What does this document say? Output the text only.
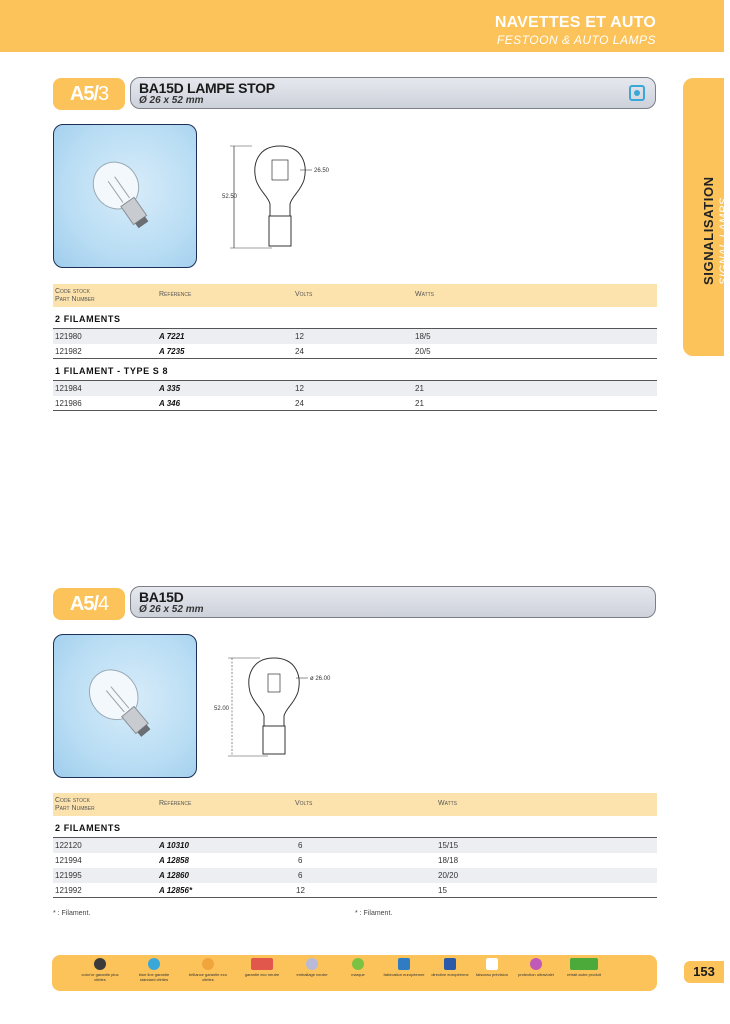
NAVETTES ET AUTO
FESTOON & AUTO LAMPS
SIGNALISATION SIGNAL LAMPS
A5/3	BA15D LAMPE STOP
Ø 26 x 52 mm
52.50
26.50
Code stock
Part Number
Référence	Volts	Watts
2 FILAMENTS
121980	A 7221	12	18/5
121982	A 7235	24	20/5
1 FILAMENT - TYPE S 8
121984	A 335	12	21
121986	A 346	24	21
A5/4	BA15D
Ø 26 x 52 mm
52.00
ø 26.00
Code stock
Part Number
Référence	Volts	Watts
2 FILAMENTS
122120	A 10310	6	15/15
121994	A 12858	6	18/18
121995	A 12860	6	20/20
121992	A 12856*	12	15
* : Filament.	* : Filament.
color'or garantie plus citrites
blue line garantie standard citrites
brillance garantie eco citrites
garantie eco neutre	emballage neutre	marque	fabrication européenne	directive européenne	faisceau prévision	protection ultraviolet	retrait autre produit	153
